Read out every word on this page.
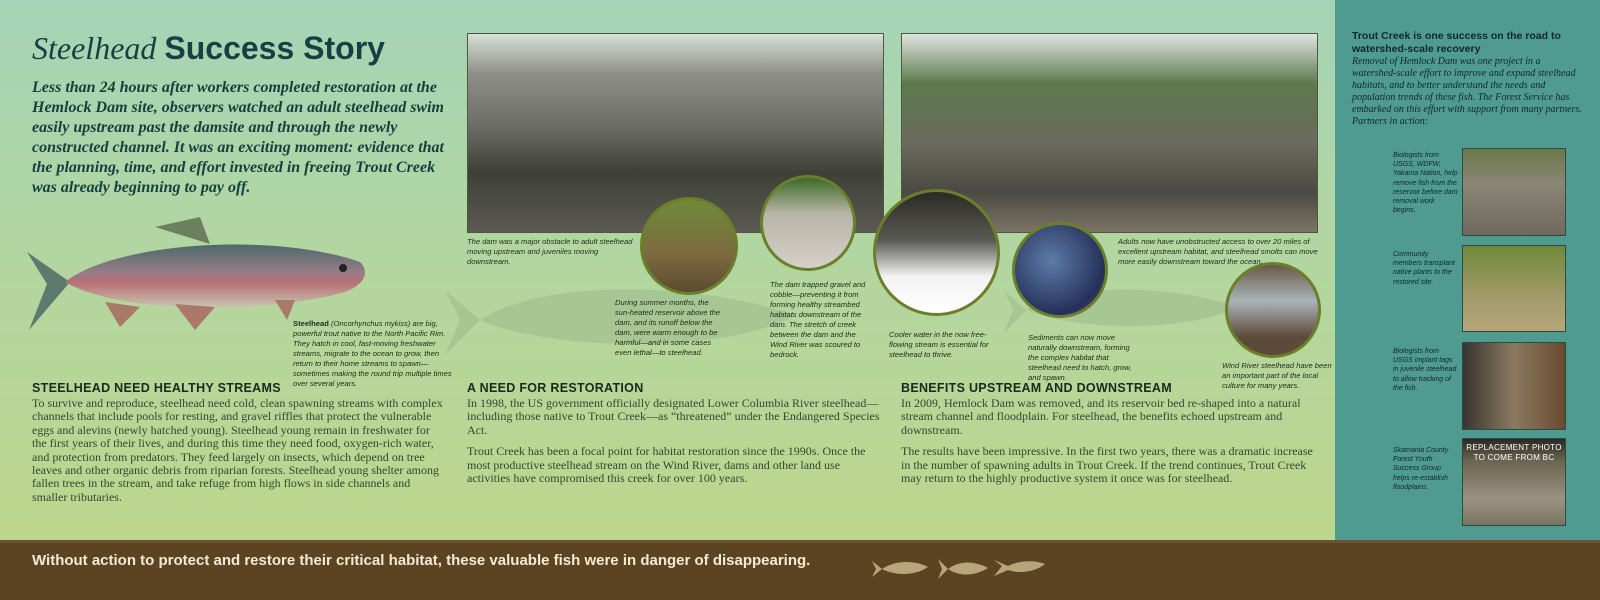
REPLACEMENT PHOTO TO COME FROM BC
Steelhead Success Story
Less than 24 hours after workers completed restoration at the Hemlock Dam site, observers watched an adult steelhead swim easily upstream past the damsite and through the newly constructed channel. It was an exciting moment: evidence that the planning, time, and effort invested in freeing Trout Creek was already beginning to pay off.
Steelhead (Oncorhynchus mykiss) are big, powerful trout native to the North Pacific Rim. They hatch in cool, fast-moving freshwater streams, migrate to the ocean to grow, then return to their home streams to spawn—sometimes making the round trip multiple times over several years.
The dam was a major obstacle to adult steelhead moving upstream and juveniles moving downstream.
During summer months, the sun-heated reservoir above the dam, and its runoff below the dam, were warm enough to be harmful—and in some cases even lethal—to steelhead.
The dam trapped gravel and cobble—preventing it from forming healthy streambed habitats downstream of the dam. The stretch of creek between the dam and the Wind River was scoured to bedrock.
Cooler water in the now free-flowing stream is essential for steelhead to thrive.
Sediments can now move naturally downstream, forming the complex habitat that steelhead need to hatch, grow, and spawn.
Adults now have unobstructed access to over 20 miles of excellent upstream habitat, and steelhead smolts can move more easily downstream toward the ocean.
Wind River steelhead have been an important part of the local culture for many years.
STEELHEAD NEED HEALTHY STREAMS

To survive and reproduce, steelhead need cold, clean spawning streams with complex channels that include pools for resting, and gravel riffles that protect the vulnerable eggs and alevins (newly hatched young). Steelhead young remain in freshwater for the first years of their lives, and during this time they need food, oxygen-rich water, and protection from predators. They feed largely on insects, which depend on tree leaves and other organic debris from riparian forests. Steelhead young shelter among fallen trees in the stream, and take refuge from high flows in side channels and smaller tributaries.

A NEED FOR RESTORATION

In 1998, the US government officially designated Lower Columbia River steelhead—including those native to Trout Creek—as “threatened” under the Endangered Species Act.

Trout Creek has been a focal point for habitat restoration since the 1990s. Once the most productive steelhead stream on the Wind River, dams and other land use activities have compromised this creek for over 100 years.

BENEFITS UPSTREAM AND DOWNSTREAM

In 2009, Hemlock Dam was removed, and its reservoir bed re-shaped into a natural stream channel and floodplain. For steelhead, the benefits echoed upstream and downstream.

The results have been impressive. In the first two years, there was a dramatic increase in the number of spawning adults in Trout Creek. If the trend continues, Trout Creek may return to the highly productive system it once was for steelhead.

Trout Creek is one success on the road to watershed-scale recovery
Removal of Hemlock Dam was one project in a watershed-scale effort to improve and expand steelhead habitats, and to better understand the needs and population trends of these fish. The Forest Service has embarked on this effort with support from many partners. Partners in action:
Biologists from USGS, WDFW, Yakama Nation, help remove fish from the reservoir before dam removal work begins.
Community members transplant native plants to the restored site.
Biologists from USGS implant tags in juvenile steelhead to allow tracking of the fish.
Skamania County Forest Youth Success Group helps re-establish floodplains.
Without action to protect and restore their critical habitat, these valuable fish were in danger of disappearing.
